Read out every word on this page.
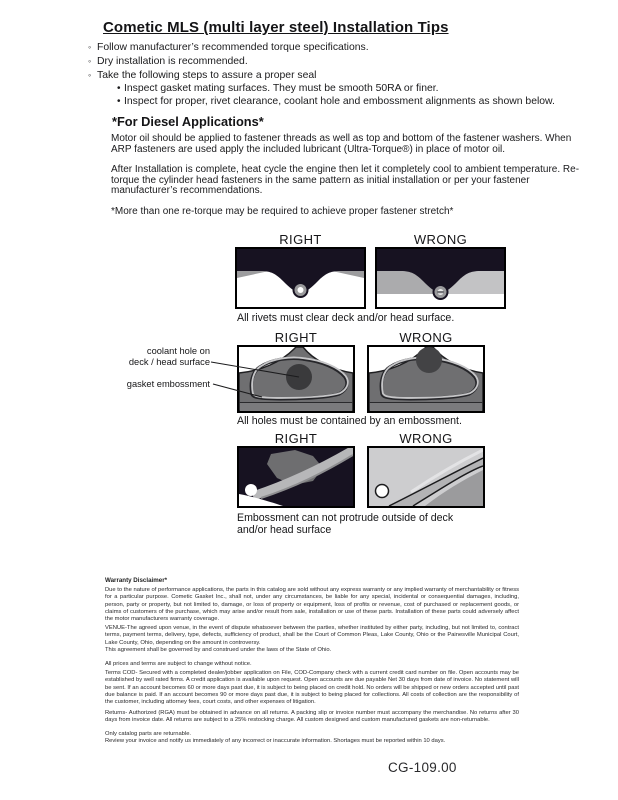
Cometic MLS (multi layer steel) Installation Tips
◦ Follow manufacturer’s recommended torque specifications.
◦ Dry installation is recommended.
◦ Take the following steps to assure a proper seal
• Inspect gasket mating surfaces. They must be smooth 50RA or finer.
• Inspect for proper, rivet clearance, coolant hole and embossment alignments as shown below.
*For Diesel Applications*
Motor oil should be applied to fastener threads as well as top and bottom of the fastener washers. When ARP fasteners are used apply the included lubricant (Ultra-Torque®) in place of motor oil.
After Installation is complete, heat cycle the engine then let it completely cool to ambient temperature. Re-torque the cylinder head fasteners in the same pattern as initial installation or per your fastener manufacturer’s recommendations.
*More than one re-torque may be required to achieve proper fastener stretch*
RIGHT	WRONG
All rivets must clear deck and/or head surface.
RIGHT	WRONG
coolant hole on
deck / head surface
gasket embossment
All holes must be contained by an embossment.
RIGHT	WRONG
Embossment can not protrude outside of deck
and/or head surface
Warranty Disclaimer*
Due to the nature of performance applications, the parts in this catalog are sold without any express warranty or any implied warranty of merchantability or fitness for a particular purpose. Cometic Gasket Inc., shall not, under any circumstances, be liable for any special, incidental or consequential damages, including, person, party or property, but not limited to, damage, or loss of property or equipment, loss of profits or revenue, cost of purchased or replacement goods, or claims of customers of the purchase, which may arise and/or result from sale, installation or use of these parts. Installation of these parts could adversely affect the motor manufacturers warranty coverage.
VENUE-The agreed upon venue, in the event of dispute whatsoever between the parties, whether instituted by either party, including, but not limited to, contract terms, payment terms, delivery, type, defects, sufficiency of product, shall be the Court of Common Pleas, Lake County, Ohio or the Painesville Municipal Court, Lake County, Ohio, depending on the amount in controversy.
This agreement shall be governed by and construed under the laws of the State of Ohio.
All prices and terms are subject to change without notice.
Terms COD- Secured with a completed dealer/jobber application on File, COD-Company check with a current credit card number on file. Open accounts may be established by well rated firms. A credit application is available upon request. Open accounts are due payable Net 30 days from date of invoice. No statement will be sent. If an account becomes 60 or more days past due, it is subject to being placed on credit hold. No orders will be shipped or new orders accepted until past due balance is paid. If an account becomes 90 or more days past due, it is subject to being placed for collections. All costs of collection are the responsibility of the customer, including attorney fees, court costs, and other expenses of litigation.
Returns- Authorized (RGA) must be obtained in advance on all returns. A packing slip or invoice number must accompany the merchandise. No returns after 30 days from invoice date. All returns are subject to a 25% restocking charge. All custom designed and custom manufactured gaskets are non-returnable.
Only catalog parts are returnable.
Review your invoice and notify us immediately of any incorrect or inaccurate information. Shortages must be reported within 10 days.
CG-109.00
